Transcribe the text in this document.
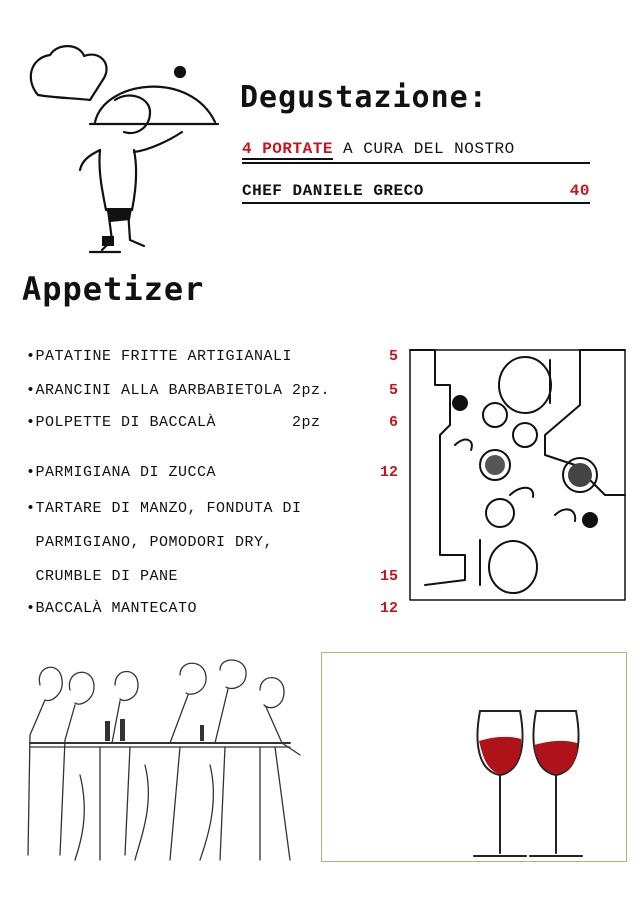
Degustazione:
4 PORTATE A CURA DEL NOSTRO
CHEF DANIELE GRECO	40
Appetizer
•PATATINE FRITTE ARTIGIANALI	5
•ARANCINI ALLA BARBABIETOLA 2pz.	5
•POLPETTE DI BACCALÀ        2pz	6
•PARMIGIANA DI ZUCCA	12
•TARTARE DI MANZO, FONDUTA DI
PARMIGIANO, POMODORI DRY,
CRUMBLE DI PANE	15
•BACCALÀ MANTECATO	12
